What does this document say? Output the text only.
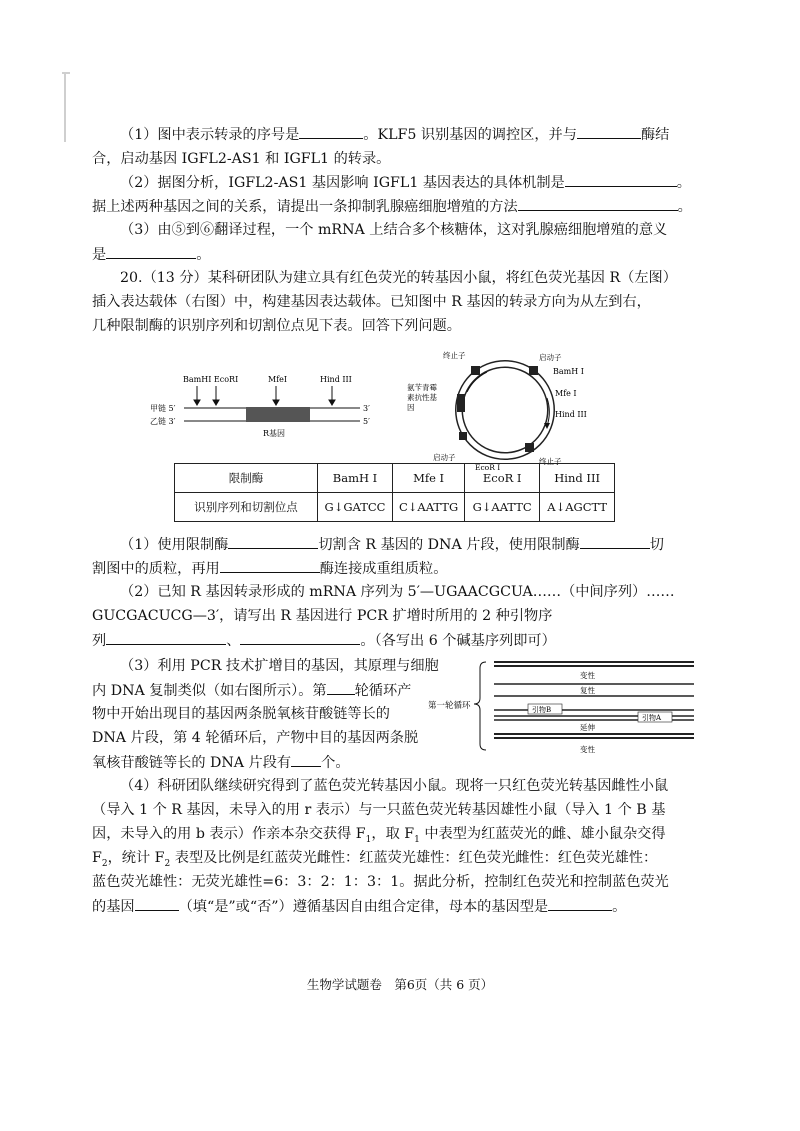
（1）图中表示转录的序号是	。KLF5 识别基因的调控区，并与	酶结
合，启动基因 IGFL2-AS1 和 IGFL1 的转录。
（2）据图分析，IGFL2-AS1 基因影响 IGFL1 基因表达的具体机制是	。
据上述两种基因之间的关系，请提出一条抑制乳腺癌细胞增殖的方法	。
（3）由⑤到⑥翻译过程，一个 mRNA 上结合多个核糖体，这对乳腺癌细胞增殖的意义
是	。
20.（13 分）某科研团队为建立具有红色荧光的转基因小鼠，将红色荧光基因 R（左图）
插入表达载体（右图）中，构建基因表达载体。已知图中 R 基因的转录方向为从左到右，
几种限制酶的识别序列和切割位点见下表。回答下列问题。
BamHI EcoRI	MfeI	Hind III
甲链 5′
乙链 3′
3′
5′
R基因
终止子	启动子
BamH I
Mfe I
Hind III
氨苄青霉
素抗性基
因
启动子
EcoR I
终止子
限制酶	BamH I	Mfe I	EcoR I	Hind III
识别序列和切割位点	G↓GATCC	C↓AATTG	G↓AATTC	A↓AGCTT
（1）使用限制酶	切割含 R 基因的 DNA 片段，使用限制酶	切
割图中的质粒，再用	酶连接成重组质粒。
（2）已知 R 基因转录形成的 mRNA 序列为 5′—UGAACGCUA……（中间序列）……
GUCGACUCG—3′，请写出 R 基因进行 PCR 扩增时所用的 2 种引物序
列	、	。（各写出 6 个碱基序列即可）
（3）利用 PCR 技术扩增目的基因，其原理与细胞
内 DNA 复制类似（如右图所示）。第 轮循环产
物中开始出现目的基因两条脱氧核苷酸链等长的
DNA 片段，第 4 轮循环后，产物中目的基因两条脱
氧核苷酸链等长的 DNA 片段有 个。
第一轮循环
变性
复性
引物B
引物A
延伸
变性
（4）科研团队继续研究得到了蓝色荧光转基因小鼠。现将一只红色荧光转基因雌性小鼠
（导入 1 个 R 基因，未导入的用 r 表示）与一只蓝色荧光转基因雄性小鼠（导入 1 个 B 基
因，未导入的用 b 表示）作亲本杂交获得 $F_1$，取 $F_1$ 中表型为红蓝荧光的雌、雄小鼠杂交得
$F_2$，统计 $F_2$ 表型及比例是红蓝荧光雌性：红蓝荧光雄性：红色荧光雌性：红色荧光雄性：
蓝色荧光雄性：无荧光雄性=6：3：2：1：3：1。据此分析，控制红色荧光和控制蓝色荧光
的基因	（填“是”或“否”）遵循基因自由组合定律，母本的基因型是	。
生物学试题卷　第6页（共 6 页）
